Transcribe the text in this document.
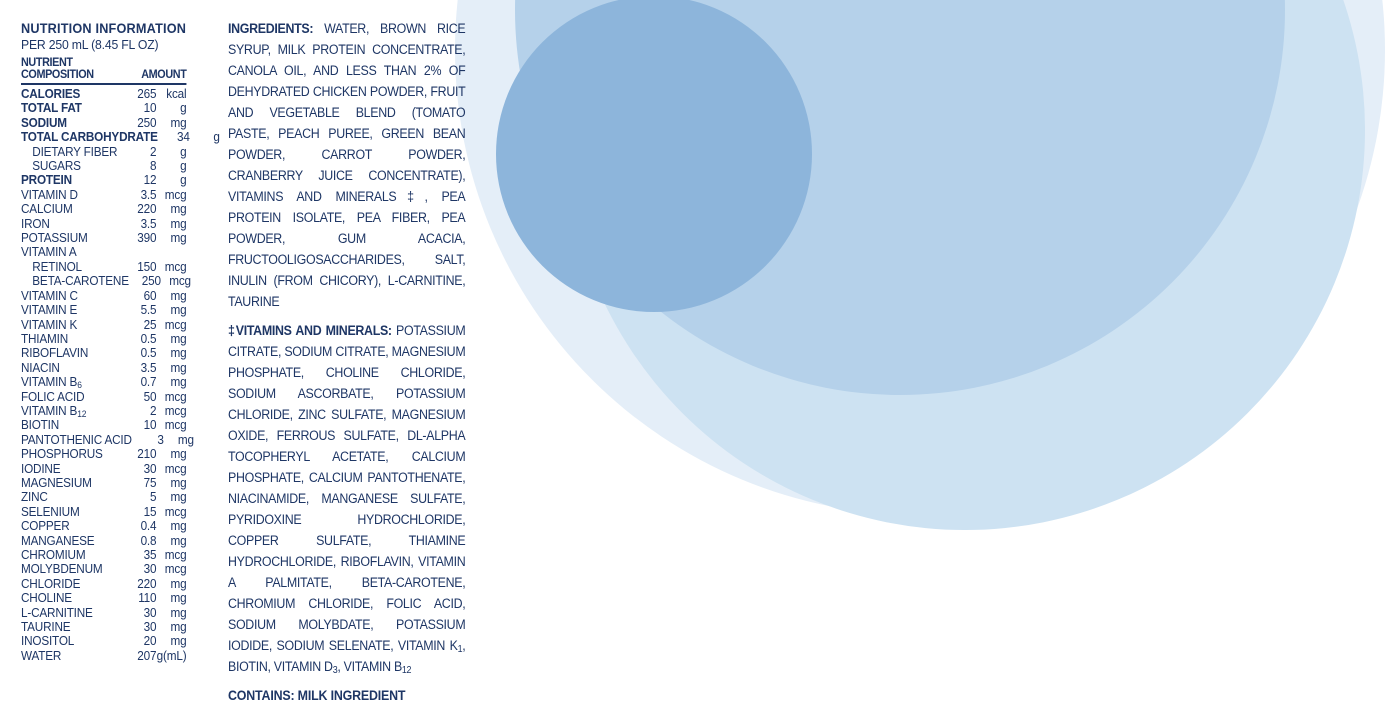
NUTRITION INFORMATION
PER 250 mL (8.45 FL OZ)
NUTRIENT COMPOSITION	AMOUNT
CALORIES	265 kcal
TOTAL FAT	10	g
SODIUM	250	mg
TOTAL CARBOHYDRATE	34	g
DIETARY FIBER	2	g
SUGARS	8	g
PROTEIN	12	g
VITAMIN D	3.5 mcg
CALCIUM	220	mg
IRON	3.5	mg
POTASSIUM	390	mg
VITAMIN A
RETINOL	150 mcg
BETA-CAROTENE	250 mcg
VITAMIN C	60	mg
VITAMIN E	5.5	mg
VITAMIN K	25 mcg
THIAMIN	0.5	mg
RIBOFLAVIN	0.5	mg
NIACIN	3.5	mg
VITAMIN $B_6$	0.7	mg
FOLIC ACID	50 mcg
VITAMIN $B_{12}$	2 mcg
BIOTIN	10 mcg
PANTOTHENIC ACID	3	mg
PHOSPHORUS	210	mg
IODINE	30 mcg
MAGNESIUM	75	mg
ZINC	5	mg
SELENIUM	15 mcg
COPPER	0.4	mg
MANGANESE	0.8	mg
CHROMIUM	35 mcg
MOLYBDENUM	30 mcg
CHLORIDE	220	mg
CHOLINE	110	mg
L-CARNITINE	30	mg
TAURINE	30	mg
INOSITOL	20	mg
WATER	207 g(mL)

INGREDIENTS: WATER, BROWN RICE SYRUP, MILK PROTEIN CONCENTRATE, CANOLA OIL, AND LESS THAN 2% OF DEHYDRATED CHICKEN POWDER, FRUIT AND VEGETABLE BLEND (TOMATO PASTE, PEACH PUREE, GREEN BEAN POWDER, CARROT POWDER, CRANBERRY JUICE CONCENTRATE), VITAMINS AND MINERALS‡, PEA PROTEIN ISOLATE, PEA FIBER, PEA POWDER, GUM ACACIA, FRUCTOOLIGOSACCHARIDES, SALT, INULIN (FROM CHICORY), L-CARNITINE, TAURINE

‡VITAMINS AND MINERALS: POTASSIUM CITRATE, SODIUM CITRATE, MAGNESIUM PHOSPHATE, CHOLINE CHLORIDE, SODIUM ASCORBATE, POTASSIUM CHLORIDE, ZINC SULFATE, MAGNESIUM OXIDE, FERROUS SULFATE, DL-ALPHA TOCOPHERYL ACETATE, CALCIUM PHOSPHATE, CALCIUM PANTOTHENATE, NIACINAMIDE, MANGANESE SULFATE, PYRIDOXINE HYDROCHLORIDE, COPPER SULFATE, THIAMINE HYDROCHLORIDE, RIBOFLAVIN, VITAMIN A PALMITATE, BETA-CAROTENE, CHROMIUM CHLORIDE, FOLIC ACID, SODIUM MOLYBDATE, POTASSIUM IODIDE, SODIUM SELENATE, VITAMIN $K_1$, BIOTIN, VITAMIN $D_3$, VITAMIN $B_{12}$

CONTAINS: MILK INGREDIENT
